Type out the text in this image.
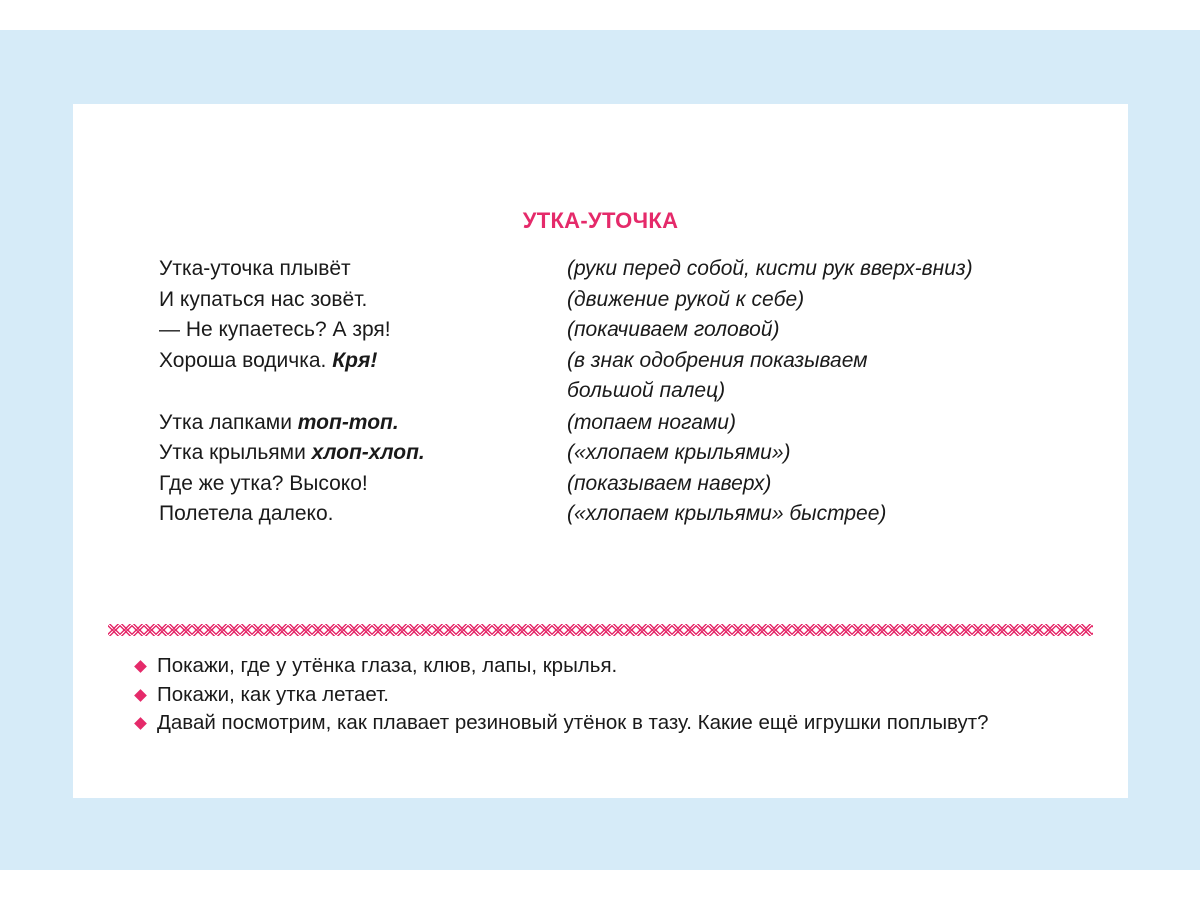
УТКА-УТОЧКА
Утка-уточка плывёт	(руки перед собой, кисти рук вверх-вниз)
И купаться нас зовёт.	(движение рукой к себе)
— Не купаетесь? А зря!	(покачиваем головой)
Хороша водичка. Кря!	(в знак одобрения показываем
большой палец)
Утка лапками топ-топ.	(топаем ногами)
Утка крыльями хлоп-хлоп.	(«хлопаем крыльями»)
Где же утка? Высоко!	(показываем наверх)
Полетела далеко.	(«хлопаем крыльями» быстрее)
Покажи, где у утёнка глаза, клюв, лапы, крылья.
Покажи, как утка летает.
Давай посмотрим, как плавает резиновый утёнок в тазу. Какие ещё игрушки поплывут?
